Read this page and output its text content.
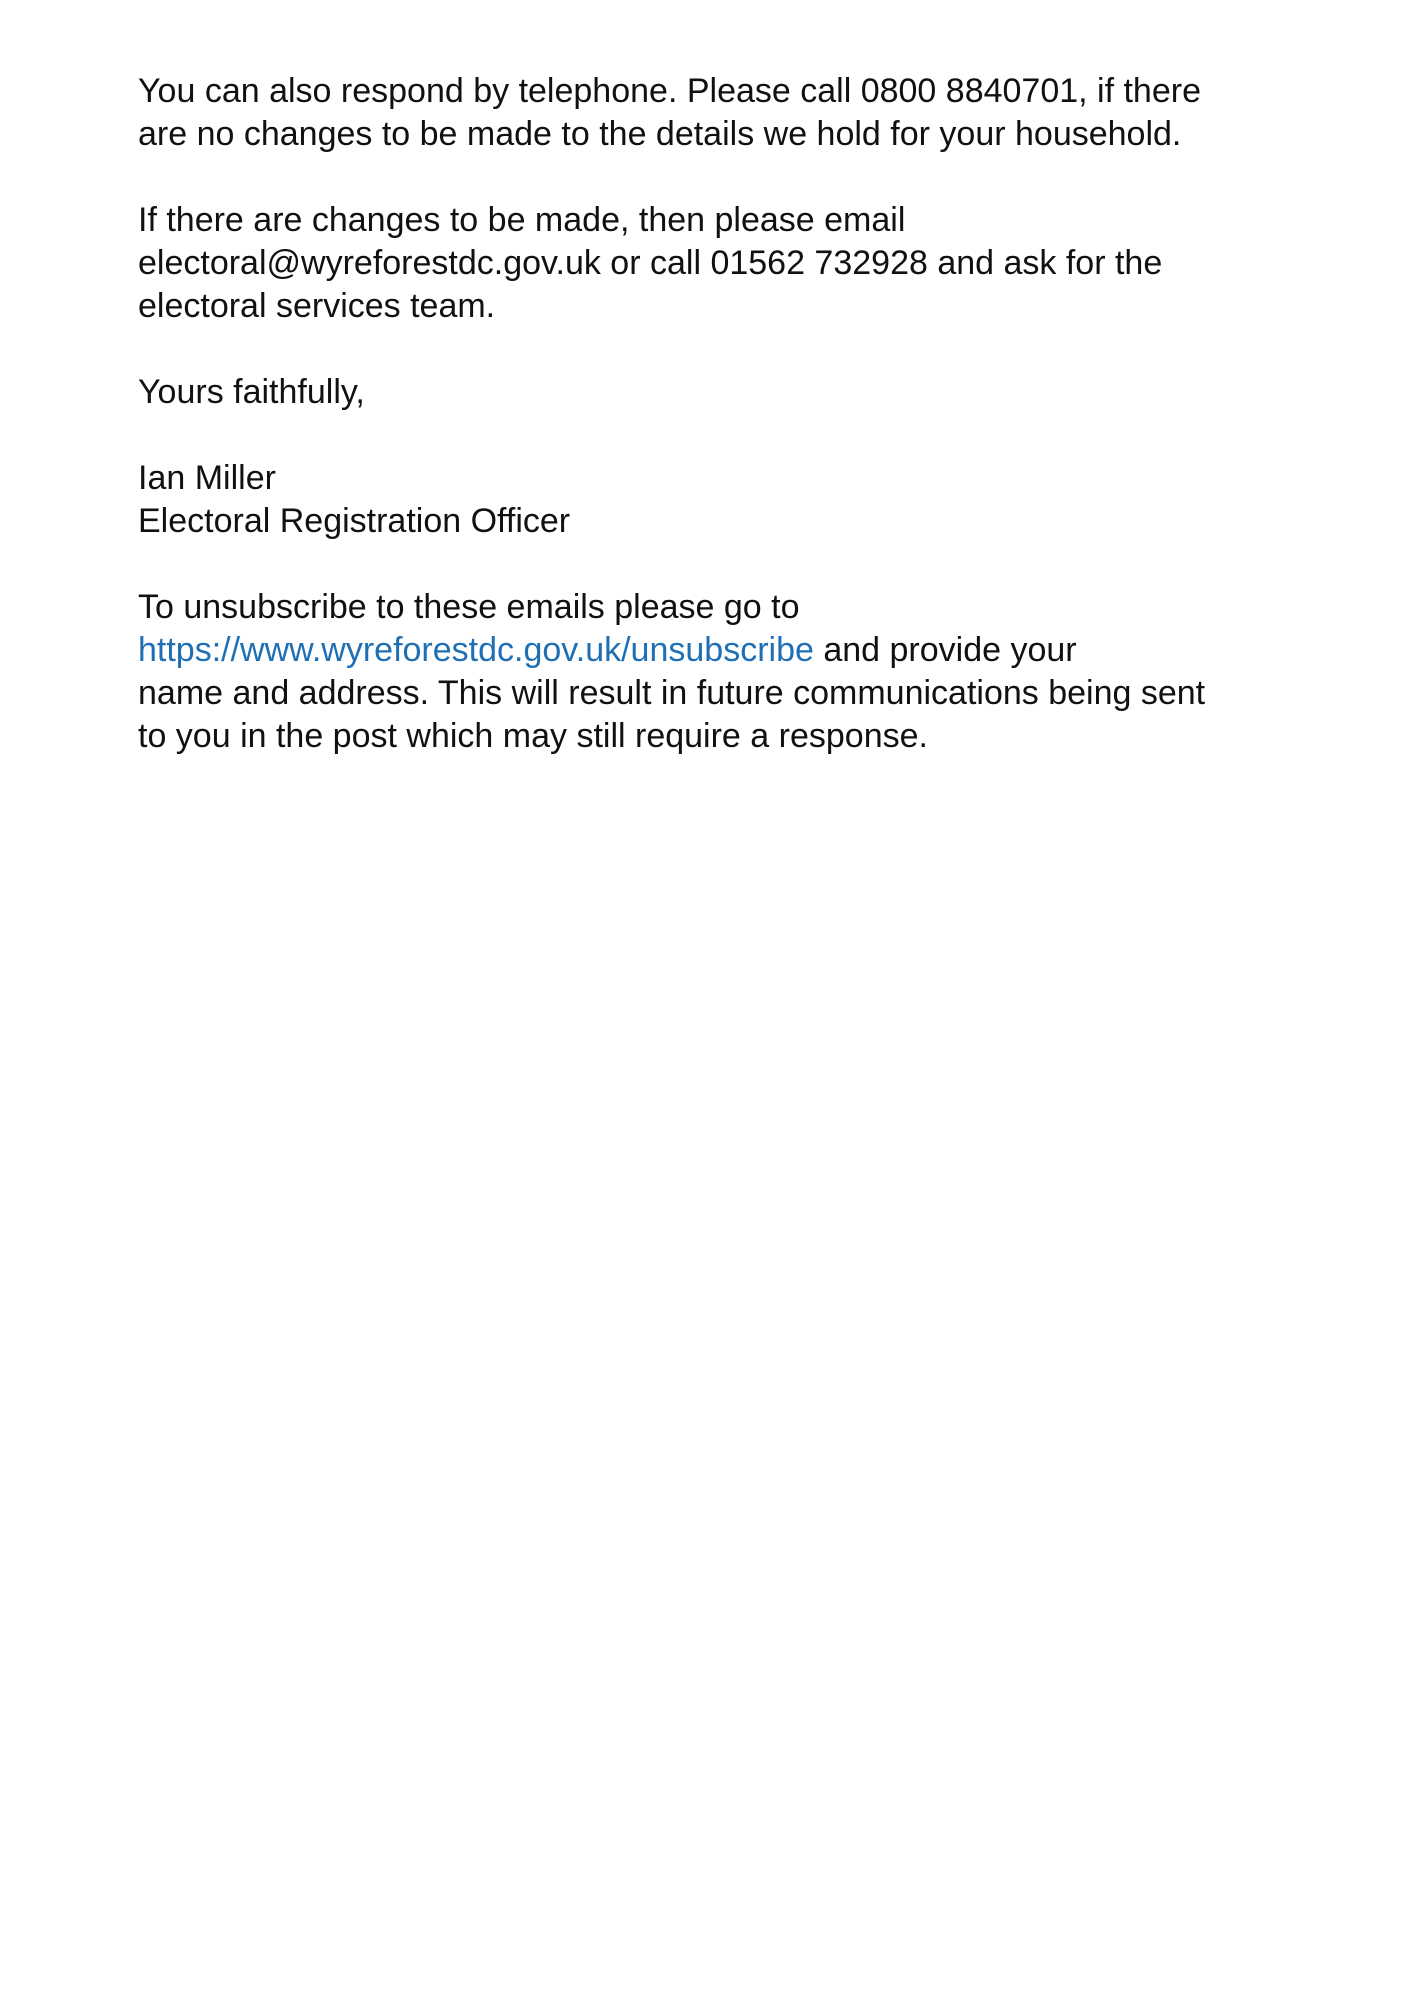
You can also respond by telephone. Please call 0800 8840701, if there
are no changes to be made to the details we hold for your household.

If there are changes to be made, then please email
electoral@wyreforestdc.gov.uk or call 01562 732928 and ask for the
electoral services team.

Yours faithfully,

Ian Miller
Electoral Registration Officer

To unsubscribe to these emails please go to
https://www.wyreforestdc.gov.uk/unsubscribe and provide your
name and address. This will result in future communications being sent
to you in the post which may still require a response.
